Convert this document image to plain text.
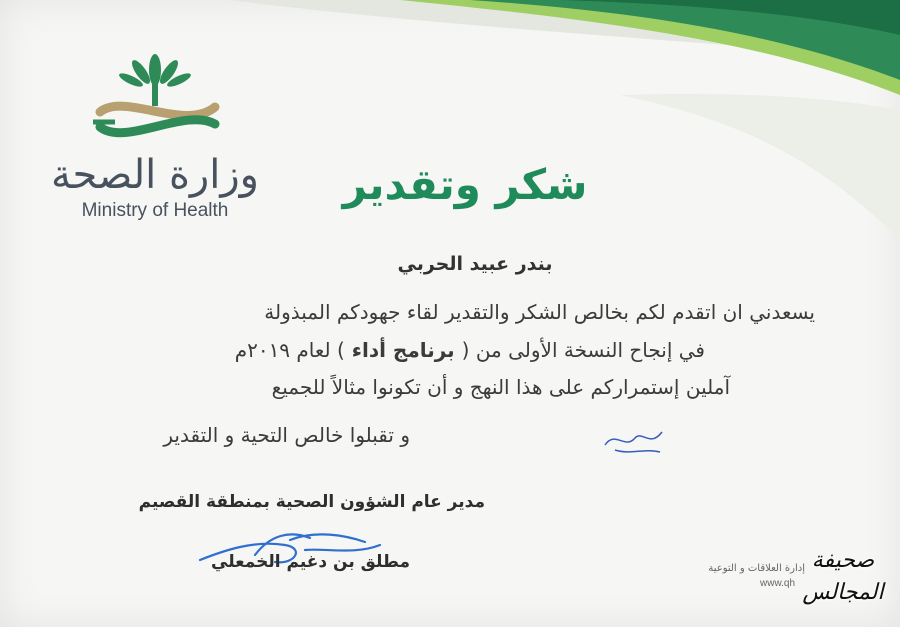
وزارة الصحة
Ministry of Health
شكر وتقدير
بندر عبيد الحربي
يسعدني ان اتقدم لكم بخالص الشكر والتقدير لقاء جهودكم المبذولة
في إنجاح النسخة الأولى من ( برنامج أداء ) لعام ٢٠١٩م
آملين إستمراركم على هذا النهج و أن تكونوا مثالاً للجميع
و تقبلوا خالص التحية و التقدير
مدير عام الشؤون الصحية بمنطقة القصيم
مطلق بن دغيم الخمعلي	إدارة العلاقات و التوعية
www.qh
صحيفة المجالس
